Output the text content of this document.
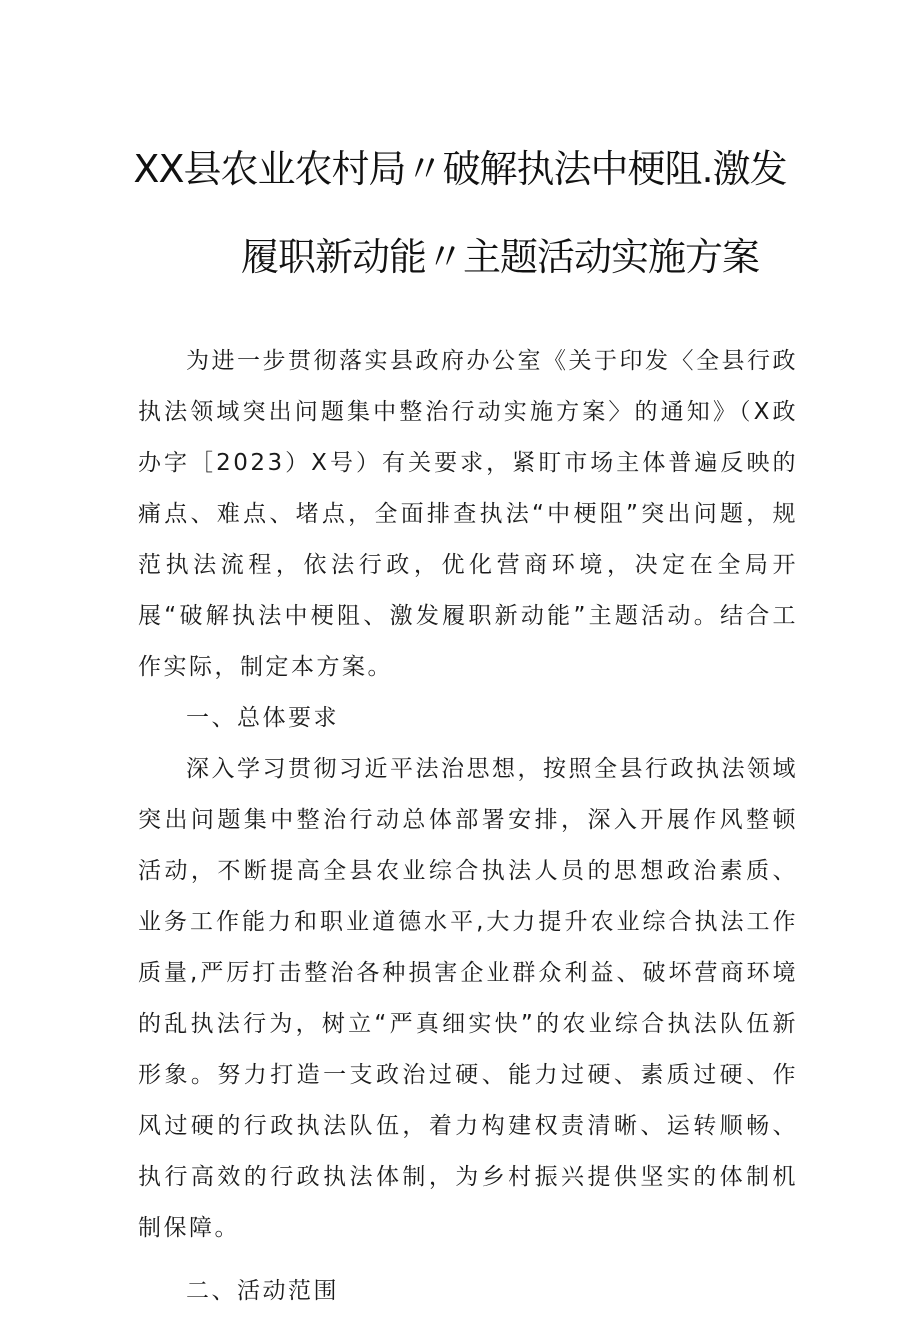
XX县农业农村局〃破解执法中梗阻.激发
履职新动能〃主题活动实施方案

为进一步贯彻落实县政府办公室《关于印发〈全县行政执法领域突出问题集中整治行动实施方案〉的通知》（X政办字［2023）X号）有关要求，紧盯市场主体普遍反映的痛点、难点、堵点，全面排查执法“中梗阻”突出问题，规范执法流程，依法行政，优化营商环境，决定在全局开展“破解执法中梗阻、激发履职新动能”主题活动。结合工作实际，制定本方案。

一、总体要求

深入学习贯彻习近平法治思想，按照全县行政执法领域突出问题集中整治行动总体部署安排，深入开展作风整顿活动，不断提高全县农业综合执法人员的思想政治素质、业务工作能力和职业道德水平,大力提升农业综合执法工作质量,严厉打击整治各种损害企业群众利益、破坏营商环境的乱执法行为，树立“严真细实快”的农业综合执法队伍新形象。努力打造一支政治过硬、能力过硬、素质过硬、作风过硬的行政执法队伍，着力构建权责清晰、运转顺畅、执行高效的行政执法体制，为乡村振兴提供坚实的体制机制保障。

二、活动范围
